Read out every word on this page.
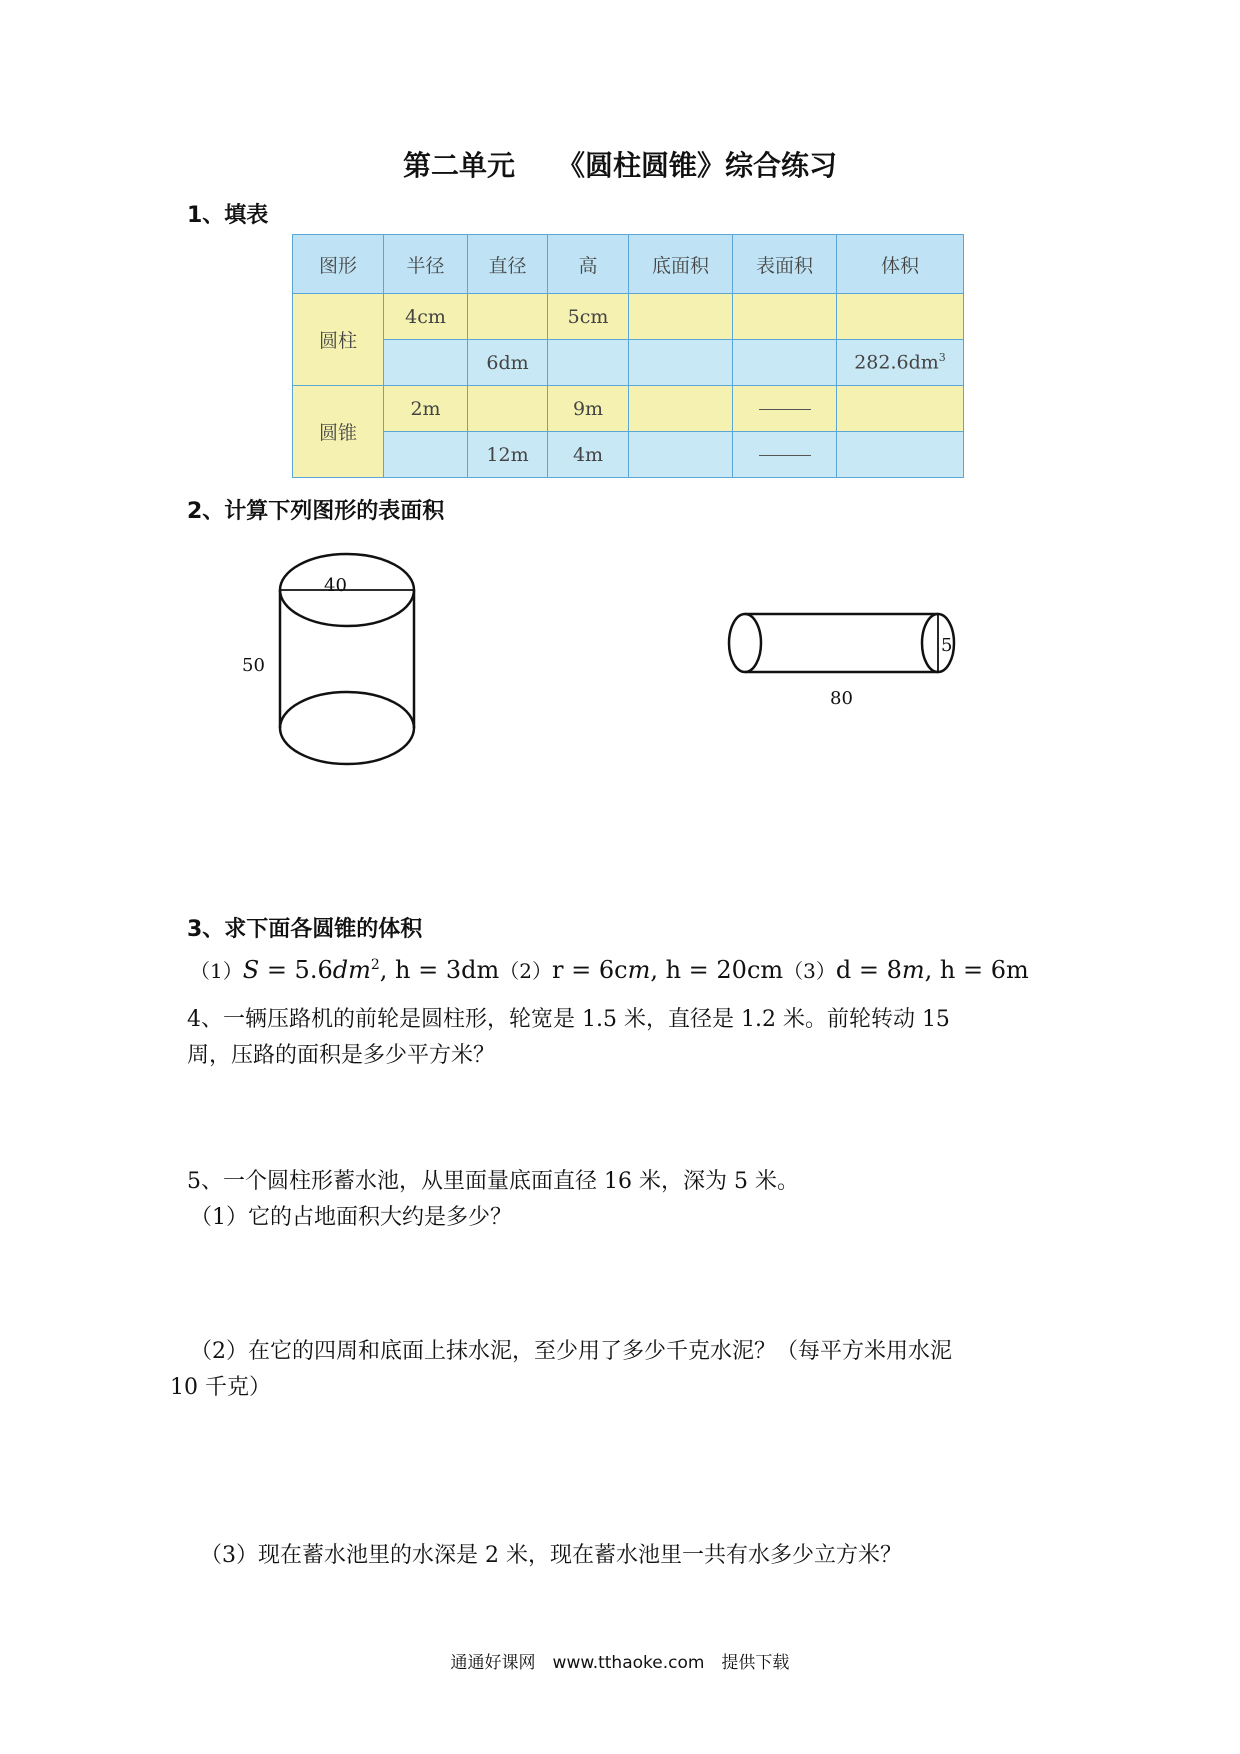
第二单元　　《圆柱圆锥》综合练习
1、填表
图形	半径	直径	高	底面积	表面积	体积
圆柱	4cm		5cm			
		6dm				$282.6dm^3$
圆锥	2m		9m			
		12m	4m			
2、计算下列图形的表面积
40
50
5
80
3、求下面各圆锥的体积
$(1)S = 5.6dm^2$, h = 3dm（2）r = 6cm, h = 20cm（3）d = 8m, h = 6m
4、一辆压路机的前轮是圆柱形，轮宽是 1.5 米，直径是 1.2 米。前轮转动 15
周，压路的面积是多少平方米？
5、一个圆柱形蓄水池，从里面量底面直径 16 米，深为 5 米。
（1）它的占地面积大约是多少？
（2）在它的四周和底面上抹水泥，至少用了多少千克水泥？（每平方米用水泥
10 千克）
（3）现在蓄水池里的水深是 2 米，现在蓄水池里一共有水多少立方米？
通通好课网　www.tthaoke.com　提供下载
